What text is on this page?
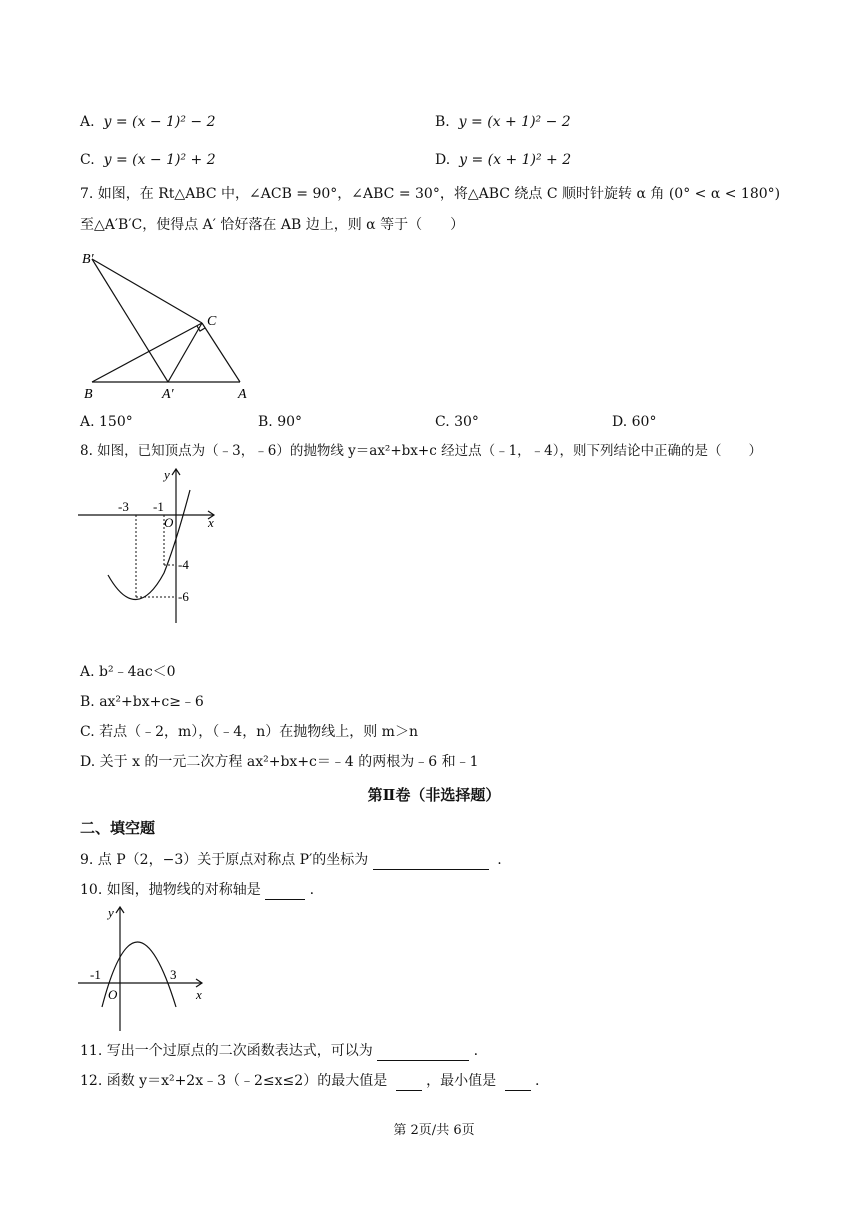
A. y = (x − 1)² − 2	B. y = (x + 1)² − 2
C. y = (x − 1)² + 2	D. y = (x + 1)² + 2
7. 如图，在 Rt△ABC 中，∠ACB = 90°，∠ABC = 30°，将△ABC 绕点 C 顺时针旋转 α 角 (0° < α < 180°)
至△A′B′C，使得点 A′ 恰好落在 AB 边上，则 α 等于（　　）
B′
C
B	A′	A
A. 150°	B. 90°	C. 30°	D. 60°
8. 如图，已知顶点为（﹣3，﹣6）的抛物线 y＝ax²+bx+c 经过点（﹣1，﹣4），则下列结论中正确的是（　　）
y
x
O
-3 -1
-4
-6
A. b²﹣4ac＜0
B. ax²+bx+c≥﹣6
C. 若点（﹣2，m），（﹣4，n）在抛物线上，则 m＞n
D. 关于 x 的一元二次方程 ax²+bx+c＝﹣4 的两根为﹣6 和﹣1
第Ⅱ卷（非选择题）
二、填空题
9. 点 P（2，−3）关于原点对称点 P′的坐标为	.
10. 如图，抛物线的对称轴是	.
y
x
O
-1	3
11. 写出一个过原点的二次函数表达式，可以为	.
12. 函数 y＝x²+2x﹣3（﹣2≤x≤2）的最大值是	，最小值是	.
第 2页/共 6页
